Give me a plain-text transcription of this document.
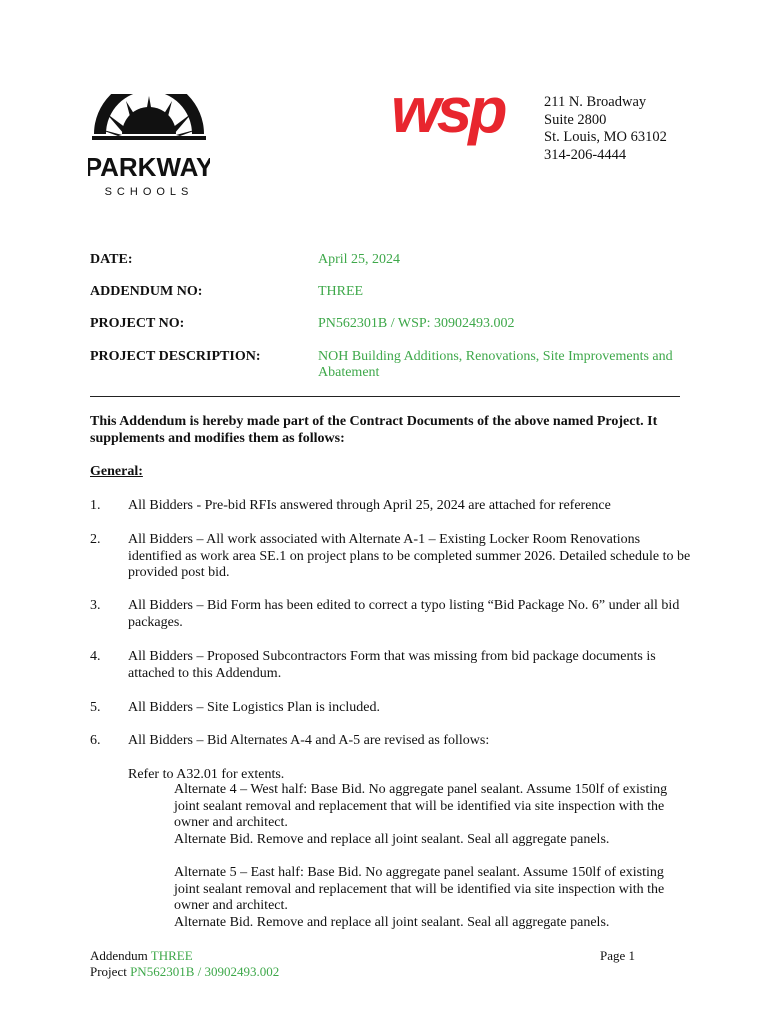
PARKWAY
SCHOOLS
wsp	211 N. Broadway
Suite 2800
St. Louis, MO 63102
314-206-4444
DATE:	April 25, 2024
ADDENDUM NO:	THREE
PROJECT NO:	PN562301B / WSP: 30902493.002
PROJECT DESCRIPTION:	NOH Building Additions, Renovations, Site Improvements and Abatement
This Addendum is hereby made part of the Contract Documents of the above named Project. It supplements and modifies them as follows:
General:
1. All Bidders - Pre-bid RFIs answered through April 25, 2024 are attached for reference
2. All Bidders – All work associated with Alternate A-1 – Existing Locker Room Renovations identified as work area SE.1 on project plans to be completed summer 2026. Detailed schedule to be provided post bid.
3. All Bidders – Bid Form has been edited to correct a typo listing “Bid Package No. 6” under all bid packages.
4. All Bidders – Proposed Subcontractors Form that was missing from bid package documents is attached to this Addendum.
5. All Bidders – Site Logistics Plan is included.
6. All Bidders – Bid Alternates A-4 and A-5 are revised as follows:
Refer to A32.01 for extents.
Alternate 4 – West half: Base Bid. No aggregate panel sealant. Assume 150lf of existing joint sealant removal and replacement that will be identified via site inspection with the owner and architect.
Alternate Bid. Remove and replace all joint sealant. Seal all aggregate panels.
Alternate 5 – East half: Base Bid. No aggregate panel sealant. Assume 150lf of existing joint sealant removal and replacement that will be identified via site inspection with the owner and architect.
Alternate Bid. Remove and replace all joint sealant. Seal all aggregate panels.
Addendum THREE
Project PN562301B / 30902493.002
Page 1
